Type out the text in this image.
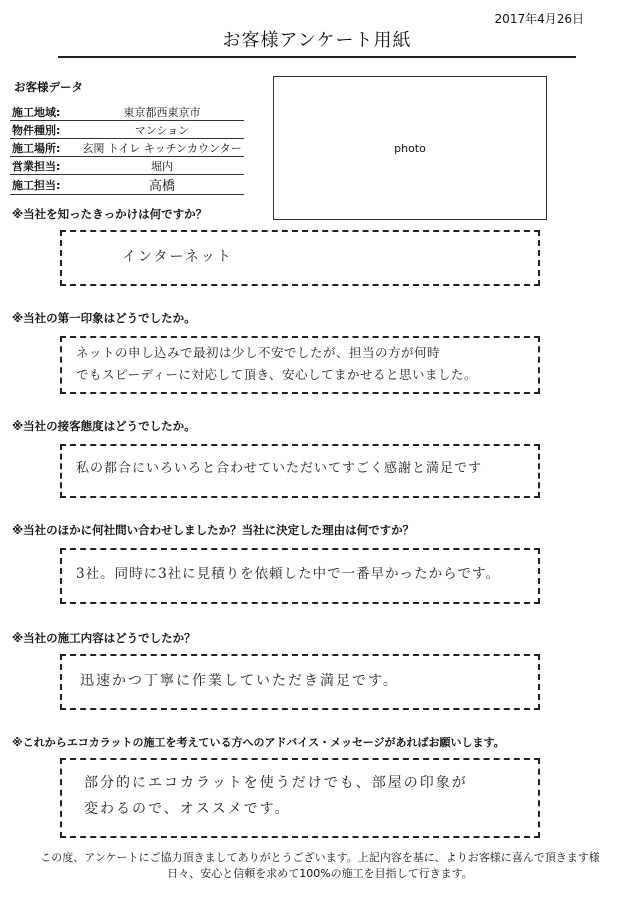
2017年4月26日
お客様アンケート用紙
お客様データ
施工地域:	東京都西東京市
物件種別:	マンション
施工場所:	玄関 トイレ キッチンカウンター
営業担当:	堀内
施工担当:	高橋
photo
※当社を知ったきっかけは何ですか？
インターネット
※当社の第一印象はどうでしたか。
ネットの申し込みで最初は少し不安でしたが、担当の方が何時
でもスピーディーに対応して頂き、安心してまかせると思いました。
※当社の接客態度はどうでしたか。
私の都合にいろいろと合わせていただいてすごく感謝と満足です
※当社のほかに何社問い合わせしましたか？当社に決定した理由は何ですか？
3社。同時に3社に見積りを依頼した中で一番早かったからです。
※当社の施工内容はどうでしたか？
迅速かつ丁寧に作業していただき満足です。
※これからエコカラットの施工を考えている方へのアドバイス・メッセージがあればお願いします。
部分的にエコカラットを使うだけでも、部屋の印象が
変わるので、オススメです。
この度、アンケートにご協力頂きましてありがとうございます。上記内容を基に、よりお客様に喜んで頂きます様
日々、安心と信頼を求めて100%の施工を目指して行きます。
